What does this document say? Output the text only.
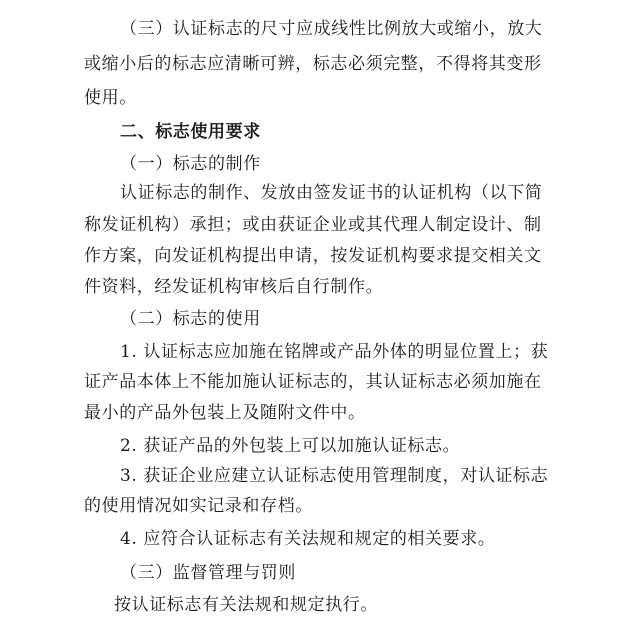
（三）认证标志的尺寸应成线性比例放大或缩小，放大
或缩小后的标志应清晰可辨，标志必须完整，不得将其变形
使用。
二、标志使用要求
（一）标志的制作
认证标志的制作、发放由签发证书的认证机构（以下简
称发证机构）承担；或由获证企业或其代理人制定设计、制
作方案，向发证机构提出申请，按发证机构要求提交相关文
件资料，经发证机构审核后自行制作。
（二）标志的使用
1. 认证标志应加施在铭牌或产品外体的明显位置上；获
证产品本体上不能加施认证标志的，其认证标志必须加施在
最小的产品外包装上及随附文件中。
2. 获证产品的外包装上可以加施认证标志。
3. 获证企业应建立认证标志使用管理制度，对认证标志
的使用情况如实记录和存档。
4. 应符合认证标志有关法规和规定的相关要求。
（三）监督管理与罚则
按认证标志有关法规和规定执行。
